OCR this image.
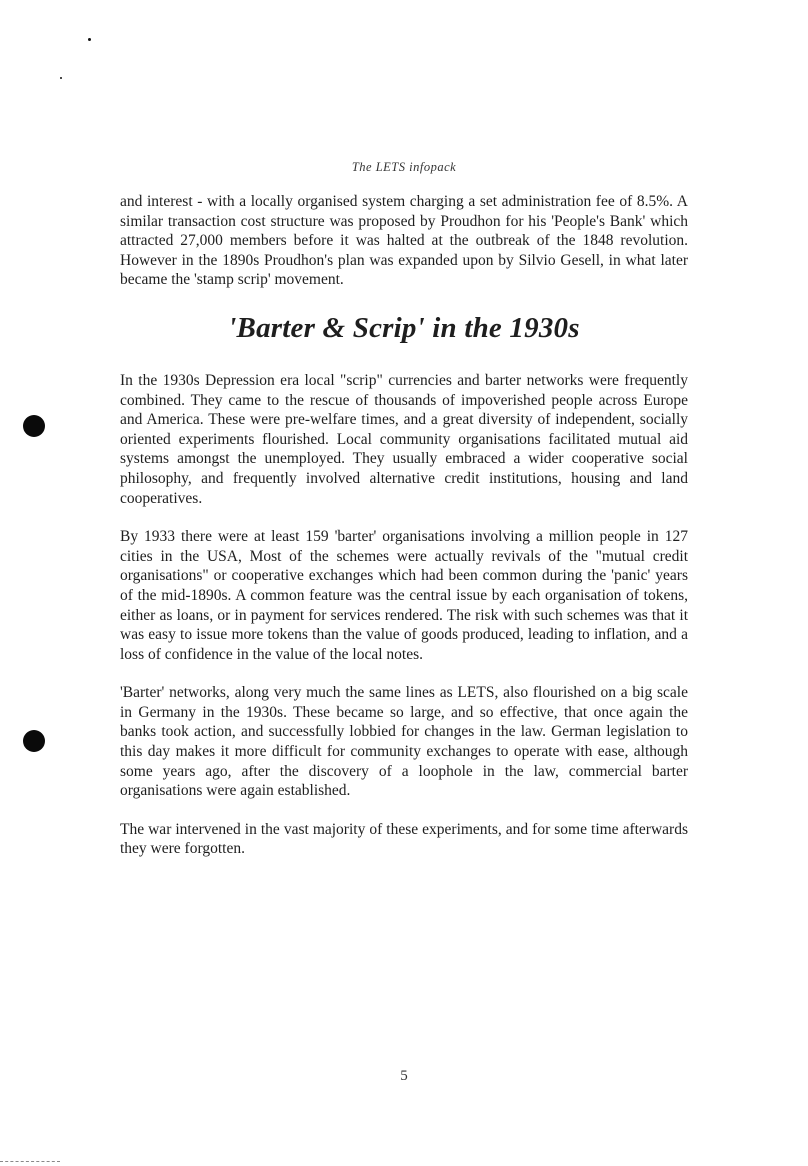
The LETS infopack

and interest - with a locally organised system charging a set administration fee of 8.5%. A similar transaction cost structure was proposed by Proudhon for his 'People's Bank' which attracted 27,000 members before it was halted at the outbreak of the 1848 revolution. However in the 1890s Proudhon's plan was expanded upon by Silvio Gesell, in what later became the 'stamp scrip' movement.

'Barter & Scrip' in the 1930s

In the 1930s Depression era local "scrip" currencies and barter networks were frequently combined. They came to the rescue of thousands of impoverished people across Europe and America. These were pre-welfare times, and a great diversity of independent, socially oriented experiments flourished. Local community organisations facilitated mutual aid systems amongst the unemployed. They usually embraced a wider cooperative social philosophy, and frequently involved alternative credit institutions, housing and land cooperatives.

By 1933 there were at least 159 'barter' organisations involving a million people in 127 cities in the USA, Most of the schemes were actually revivals of the "mutual credit organisations" or cooperative exchanges which had been common during the 'panic' years of the mid-1890s. A common feature was the central issue by each organisation of tokens, either as loans, or in payment for services rendered. The risk with such schemes was that it was easy to issue more tokens than the value of goods produced, leading to inflation, and a loss of confidence in the value of the local notes.

'Barter' networks, along very much the same lines as LETS, also flourished on a big scale in Germany in the 1930s. These became so large, and so effective, that once again the banks took action, and successfully lobbied for changes in the law. German legislation to this day makes it more difficult for community exchanges to operate with ease, although some years ago, after the discovery of a loophole in the law, commercial barter organisations were again established.

The war intervened in the vast majority of these experiments, and for some time afterwards they were forgotten.

5
